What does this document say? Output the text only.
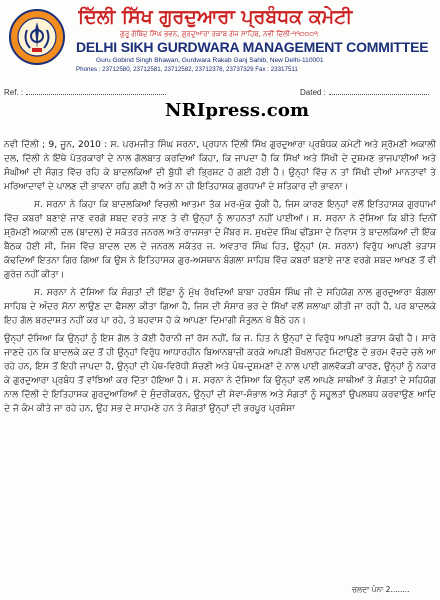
ਦਿੱਲੀ ਸਿੱਖ ਗੁਰਦੁਆਰਾ ਪ੍ਰਬੰਧਕ ਕਮੇਟੀ
ਗੁਰੂ ਗੋਬਿੰਦ ਸਿੰਘ ਭਵਨ, ਗੁਰਦੁਆਰਾ ਰਕਾਬ ਗੰਜ ਸਾਹਿਬ, ਨਵੀਂ ਦਿੱਲੀ-੧੧੦੦੦੧
DELHI SIKH GURDWARA MANAGEMENT COMMITTEE
Guru Gobind Singh Bhawan, Gurdwara Rakab Ganj Sahib, New Delhi-110001
Phones : 23712580, 23712581, 23712582, 23712378, 23737329 Fax : 23317511
Ref. :	Dated :
NRIpress.com

ਨਵੀ ਦਿੱਲੀ ; 9, ਜੂਨ, 2010 : ਸ. ਪਰਮਜੀਤ ਸਿੰਘ ਸਰਨਾ, ਪ੍ਰਧਾਨ ਦਿੱਲੀ ਸਿੱਖ ਗੁਰਦੁਆਰਾ ਪ੍ਰਬੰਧਕ ਕਮੇਟੀ ਅਤੇ ਸ਼੍ਰੋਮਣੀ ਅਕਾਲੀ ਦਲ, ਦਿੱਲੀ ਨੇ ਇੱਥੇ ਪੱਤਰਕਾਰਾਂ ਦੇ ਨਾਲ ਗੱਲਬਾਤ ਕਰਦਿਆਂ ਕਿਹਾ, ਕਿ ਜਾਪਦਾ ਹੈ ਕਿ ਸਿੱਖਾਂ ਅਤੇ ਸਿੱਖੀ ਦੇ ਦੁਸ਼ਮਣ ਭਾਜਪਾਈਆਂ ਅਤੇ ਸੰਘੀਆਂ ਦੀ ਸੰਗਤ ਵਿੱਚ ਰਹਿ ਕੇ ਬਾਦਲਕਿਆਂ ਦੀ ਬੁੱਧੀ ਵੀ ਭ੍ਰਿਸ਼ਟ ਹੋ ਗਈ ਹੋਈ ਹੈ। ਉਨ੍ਹਾਂ ਵਿੱਚ ਨ ਤਾਂ ਸਿੱਖੀ ਦੀਆਂ ਮਾਨਤਾਵਾਂ ਤੇ ਮਰਿਆਦਾਵਾਂ ਦੇ ਪਾਲਣ ਦੀ ਭਾਵਨਾ ਰਹਿ ਗਈ ਹੈ ਅਤੇ ਨਾ ਹੀ ਇਤਿਹਾਸਕ ਗੁਰਧਾਮਾਂ ਦੇ ਸਤਿਕਾਰ ਦੀ ਭਾਵਨਾ।

ਸ. ਸਰਨਾ ਨੇ ਕਿਹਾ ਕਿ ਬਾਦਲਕਿਆਂ ਵਿਚਲੀ ਆਤਮਾ ਤੱਕ ਮਰ-ਮੁੱਕ ਚੁੱਕੀ ਹੈ, ਜਿਸ ਕਾਰਣ ਇਨ੍ਹਾਂ ਵਲੋਂ ਇਤਿਹਾਸਕ ਗੁਰਧਾਮਾਂ ਵਿੱਚ ਕਬਰਾਂ ਬਣਾਏ ਜਾਣ ਵਰਗੇ ਸ਼ਬਦ ਵਰਤੇ ਜਾਣ ਤੇ ਵੀ ਉਨ੍ਹਾਂ ਨੂੰ ਲਾਹਨਤਾਂ ਨਹੀਂ ਪਾਈਆਂ। ਸ. ਸਰਨਾ ਨੇ ਦੱਸਿਆ ਕਿ ਬੀਤੇ ਦਿਨੀਂ ਸ਼੍ਰੋਮਣੀ ਅਕਾਲੀ ਦਲ (ਬਾਦਲ) ਦੇ ਸਕੱਤਰ ਜਨਰਲ ਅਤੇ ਰਾਜਸਭਾ ਦੇ ਮੈਂਬਰ ਸ. ਸੁਖਦੇਵ ਸਿੰਘ ਢੀਂਡਸਾ ਦੇ ਨਿਵਾਸ ਤੇ ਬਾਦਲਕਿਆਂ ਦੀ ਇੱਕ ਬੈਠਕ ਹੋਈ ਸੀ, ਜਿਸ ਵਿੱਚ ਬਾਦਲ ਦਲ ਦੇ ਜਨਰਲ ਸਕੱਤਰ ਜ. ਅਵਤਾਰ ਸਿੰਘ ਹਿਤ, ਉਨ੍ਹਾਂ (ਸ. ਸਰਨਾ) ਵਿਰੁੱਧ ਆਪਣੀ ਭੜਾਸ ਕੱਢਦਿਆਂ ਇਤਨਾ ਗਿਰ ਗਿਆ ਕਿ ਉਸ ਨੇ ਇਤਿਹਾਸਕ ਗੁਰ-ਅਸਥਾਨ ਬੰਗਲਾ ਸਾਹਿਬ ਵਿੱਚ ਕਬਰਾਂ ਬਣਾਏ ਜਾਣ ਵਰਗੇ ਸ਼ਬਦ ਆਖਣ ਤੋਂ ਵੀ ਗੁਰੇਜ਼ ਨਹੀਂ ਕੀਤਾ।

ਸ. ਸਰਨਾ ਨੇ ਦੱਸਿਆ ਕਿ ਸੰਗਤਾਂ ਦੀ ਇੱਛਾ ਨੂੰ ਮੁੱਖ ਰੱਖਦਿਆਂ ਬਾਬਾ ਹਰਬੰਸ ਸਿੰਘ ਜੀ ਦੇ ਸਹਿਯੋਗ ਨਾਲ ਗੁਰਦੁਆਰਾ ਬੰਗਲਾ ਸਾਹਿਬ ਦੇ ਅੰਦਰ ਸੋਨਾ ਲਾਉਣ ਦਾ ਫੈਸਲਾ ਕੀਤਾ ਗਿਆ ਹੈ, ਜਿਸ ਦੀ ਸੰਸਾਰ ਭਰ ਦੇ ਸਿੱਖਾਂ ਵਲੋਂ ਸ਼ਲਾਘਾ ਕੀਤੀ ਜਾ ਰਹੀ ਹੈ, ਪਰ ਬਾਦਲਕੇ ਇਹ ਗੱਲ ਬਰਦਾਸ਼ਤ ਨਹੀਂ ਕਰ ਪਾ ਰਹੇ, ਤੇ ਬਹਵਾਸ ਹੋ ਕੇ ਆਪਣਾ ਦਿਮਾਗੀ ਸੰਤੁਲਨ ਖੋ ਬੈਠੇ ਹਨ।

ਉਨ੍ਹਾਂ ਦੱਸਿਆ ਕਿ ਉਨ੍ਹਾਂ ਨੂੰ ਇਸ ਗੱਲ ਤੇ ਕੋਈ ਹੈਰਾਨੀ ਜਾਂ ਰੋਸ ਨਹੀਂ, ਕਿ ਜ. ਹਿਤ ਨੇ ਉਨ੍ਹਾਂ ਦੇ ਵਿਰੁੱਧ ਆਪਣੀ ਭੜਾਸ ਕੱਢੀ ਹੈ। ਸਾਰੇ ਜਾਣਦੇ ਹਨ ਕਿ ਬਾਦਲਕੇ ਕਦ ਤੋਂ ਹੀ ਉਨ੍ਹਾਂ ਵਿਰੁੱਧ ਆਧਾਰਹੀਨ ਬਿਆਨਬਾਜ਼ੀ ਕਰਕੇ ਆਪਣੀ ਬੌਖਲਾਹਟ ਮਿਟਾਉਣ ਦੇ ਭਰਮ ਵੱਚਦੇ ਚਲੇ ਆ ਰਹੇ ਹਨ, ਇਸ ਤੋਂ ਇਹੀ ਜਾਪਦਾ ਹੈ, ਉਨ੍ਹਾਂ ਦੀ ਪੰਥ-ਵਿਰੋਧੀ ਸੋਚਣੀ ਅਤੇ ਪੰਥ-ਦੁਸ਼ਮਣਾਂ ਦੇ ਨਾਲ ਪਾਈ ਗਲਵੱਕੜੀ ਕਾਰਣ, ਉਨ੍ਹਾਂ ਨੂੰ ਨਕਾਰ ਕੇ ਗੁਰਦੁਆਰਾ ਪ੍ਰਬੰਧ ਤੋਂ ਵਾਂਝਿਆਂ ਕਰ ਦਿੱਤਾ ਹੋਇਆ ਹੈ। ਸ. ਸਰਨਾ ਨੇ ਦੱਸਿਆ ਕਿ ਉਨ੍ਹਾਂ ਵਲੋਂ ਆਪਣੇ ਸਾਥੀਆਂ ਤੇ ਸੰਗਤਾਂ ਦੇ ਸਹਿਯੋਗ ਨਾਲ ਦਿੱਲੀ ਦੇ ਇਤਿਹਾਸਕ ਗੁਰਦੁਆਰਿਆਂ ਦੇ ਸੁੰਦਰੀਕਰਨ, ਉਨ੍ਹਾਂ ਦੀ ਸੇਵਾ-ਸੰਭਾਲ ਅਤੇ ਸੰਗਤਾਂ ਨੂੰ ਸਹੂਲਤਾਂ ਉਪਲਬਧ ਕਰਵਾਉਣ ਆਦਿ ਦੇ ਜੋ ਕੰਮ ਕੀਤੇ ਜਾ ਰਹੇ ਹਨ, ਉਹ ਸਭ ਦੇ ਸਾਹਮਣੇ ਹਨ ਤੇ ਸੰਗਤਾਂ ਉਨ੍ਹਾਂ ਦੀ ਭਰਪੂਰ ਪ੍ਰਸ਼ੰਸਾ

ਚਲਦਾ ਪੰਨਾ 2........
